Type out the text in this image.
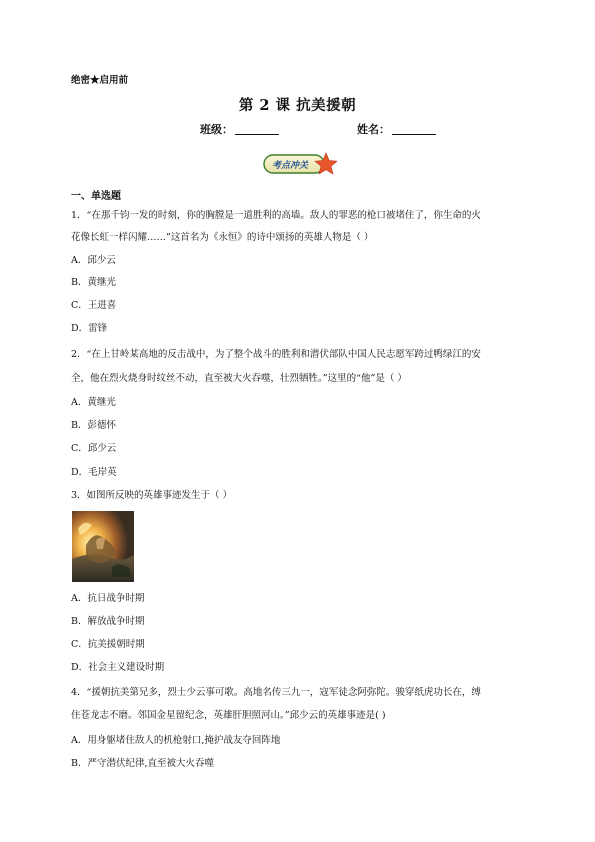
绝密★启用前
第 2 课 抗美援朝
班级：	姓名：
考点冲关
一、单选题
1．“在那千钧一发的时刻，你的胸膛是一道胜利的高墙。敌人的罪恶的枪口被堵住了，你生命的火
花像长虹一样闪耀……”这首名为《永恒》的诗中颂扬的英雄人物是（ ）
A．邱少云
B．黄继光
C．王进喜
D．雷锋
2．“在上甘岭某高地的反击战中，为了整个战斗的胜利和潜伏部队中国人民志愿军跨过鸭绿江的安
全，他在烈火烧身时纹丝不动，直至被大火吞噬，壮烈牺牲。”这里的“他”是（ ）
A．黄继光
B．彭德怀
C．邱少云
D．毛岸英
3．如图所反映的英雄事迹发生于（ ）
A．抗日战争时期
B．解放战争时期
C．抗美援朝时期
D．社会主义建设时期
4．“援朝抗美第兄多，烈士少云事可歌。高地名传三九一，寇军徒念阿弥陀。骏穿纸虎功长在，缚
住苍龙志不磨。邻国金星留纪念，英雄肝胆照河山。”邱少云的英雄事迹是( )
A．用身躯堵住敌人的机枪射口,掩护战友夺回阵地
B．严守潜伏纪律,直至被大火吞噬
